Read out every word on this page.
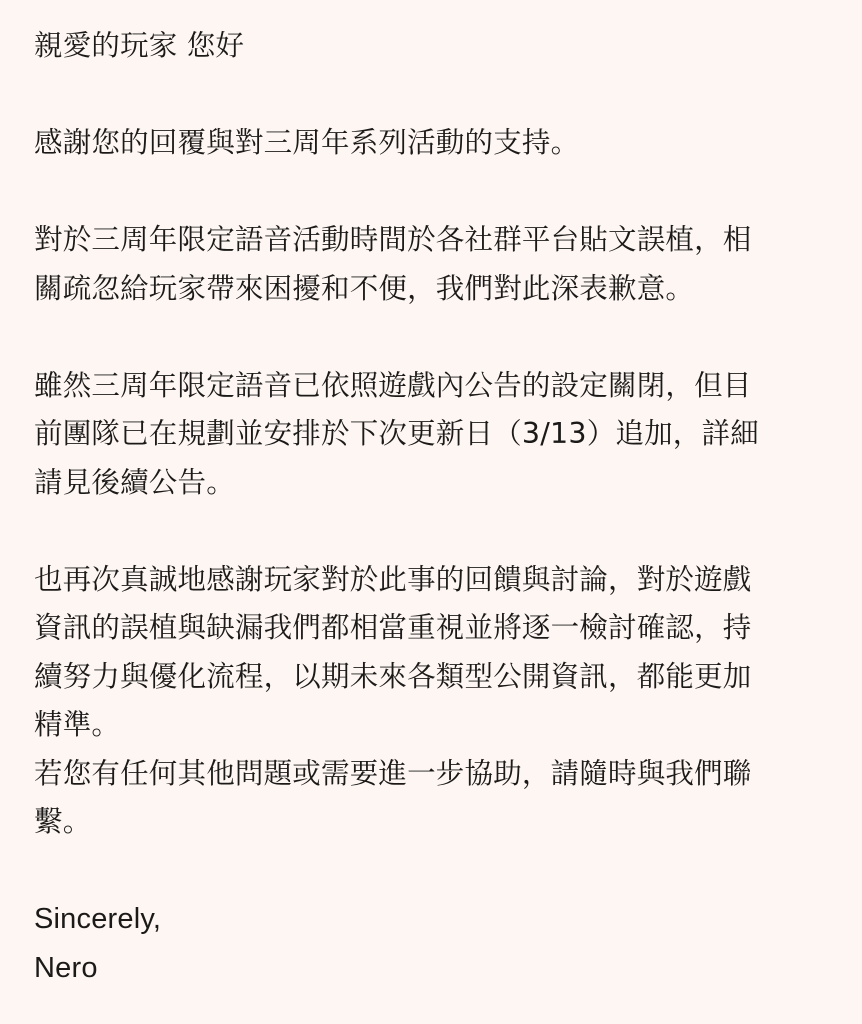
親愛的玩家 您好
感謝您的回覆與對三周年系列活動的支持。
對於三周年限定語音活動時間於各社群平台貼文誤植，相
關疏忽給玩家帶來困擾和不便，我們對此深表歉意。
雖然三周年限定語音已依照遊戲內公告的設定關閉，但目
前團隊已在規劃並安排於下次更新日（3/13）追加，詳細
請見後續公告。
也再次真誠地感謝玩家對於此事的回饋與討論，對於遊戲
資訊的誤植與缺漏我們都相當重視並將逐一檢討確認，持
續努力與優化流程，以期未來各類型公開資訊，都能更加
精準。
若您有任何其他問題或需要進一步協助，請隨時與我們聯
繫。
Sincerely,
Nero
